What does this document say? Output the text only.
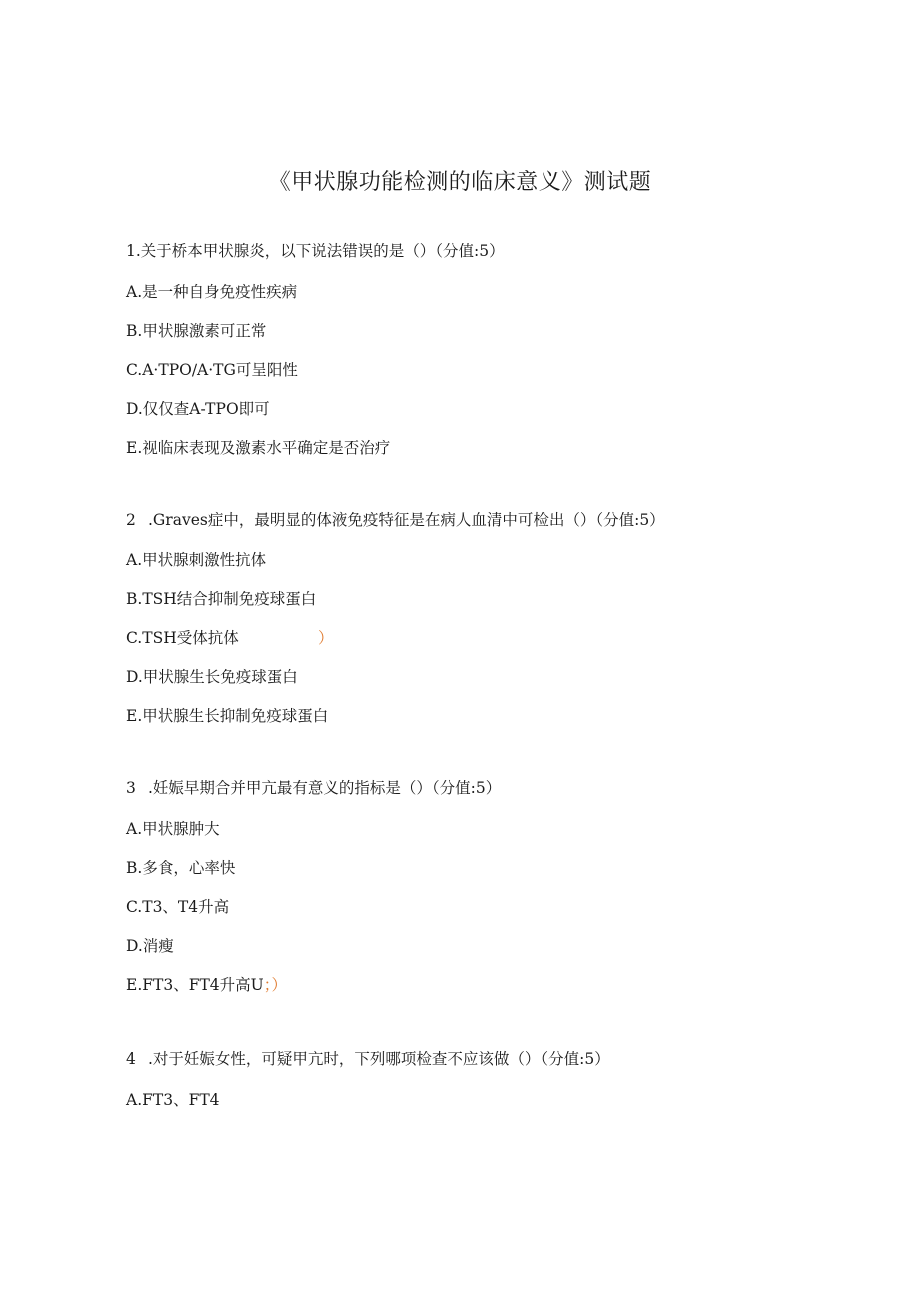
《甲状腺功能检测的临床意义》测试题
1.关于桥本甲状腺炎，以下说法错误的是（）（分值:5）
A.是一种自身免疫性疾病
B.甲状腺激素可正常
C.A·TPO∕A·TG可呈阳性
D.仅仅查A-TPO即可
E.视临床表现及激素水平确定是否治疗
2 .Graves症中，最明显的体液免疫特征是在病人血清中可检出（）（分值:5）
A.甲状腺刺激性抗体
B.TSH结合抑制免疫球蛋白
C.TSH受体抗体	）
D.甲状腺生长免疫球蛋白
E.甲状腺生长抑制免疫球蛋白
3 .妊娠早期合并甲亢最有意义的指标是（）（分值:5）
A.甲状腺肿大
B.多食，心率快
C.T3、T4升高
D.消瘦
E.FT3、FT4升高U；）
4 .对于妊娠女性，可疑甲亢时，下列哪项检查不应该做（）（分值:5）
A.FT3、FT4
